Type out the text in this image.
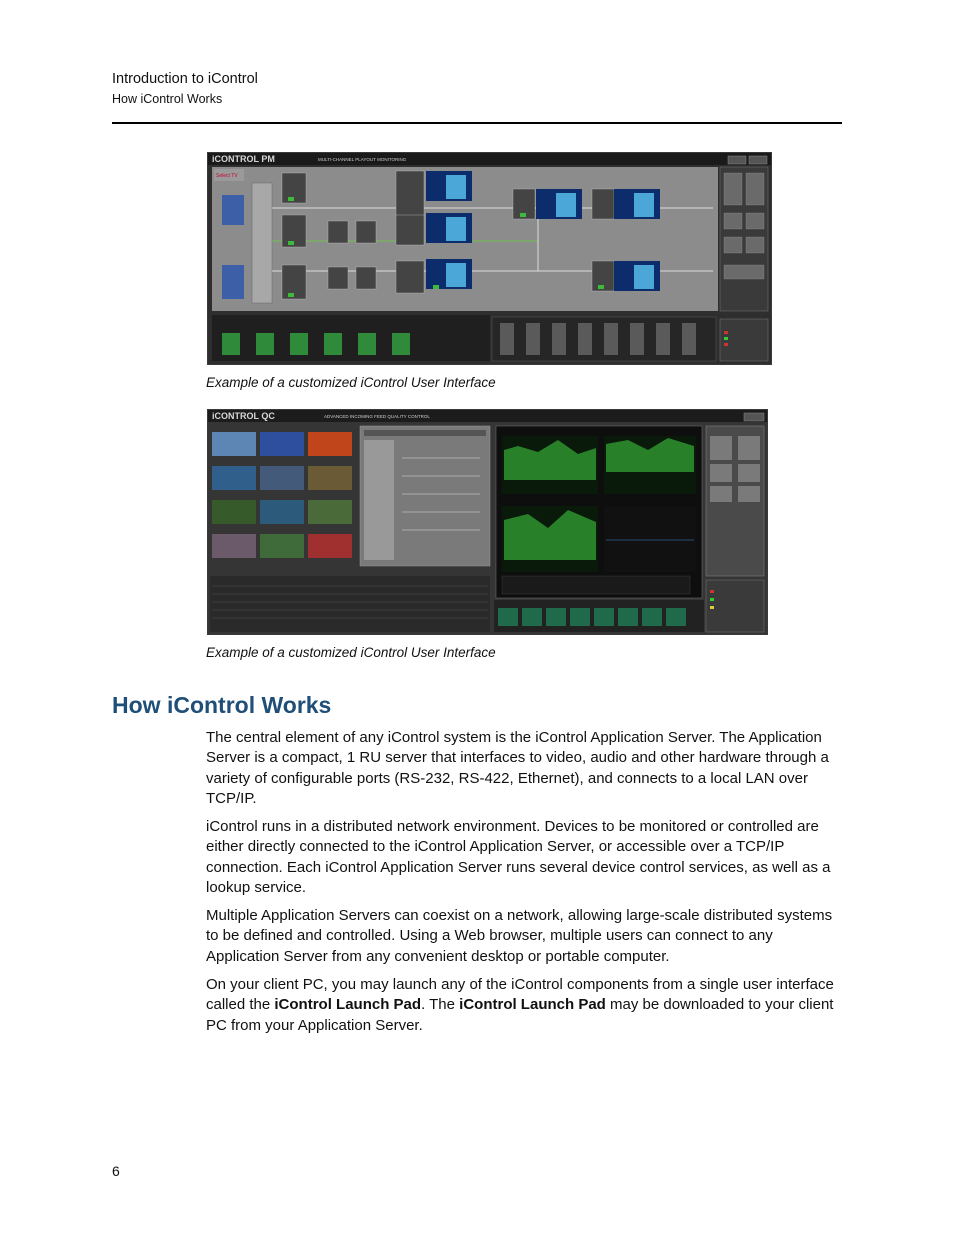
Introduction to iControl
How iControl Works
iCONTROL PM	MULTI-CHANNEL PLAYOUT MONITORING
Select TV
Example of a customized iControl User Interface
iCONTROL QC	ADVANCED INCOMING FEED QUALITY CONTROL
Example of a customized iControl User Interface
How iControl Works

The central element of any iControl system is the iControl Application Server. The Application Server is a compact, 1 RU server that interfaces to video, audio and other hardware through a variety of configurable ports (RS-232, RS-422, Ethernet), and connects to a local LAN over TCP/IP.

iControl runs in a distributed network environment. Devices to be monitored or controlled are either directly connected to the iControl Application Server, or accessible over a TCP/IP connection. Each iControl Application Server runs several device control services, as well as a lookup service.

Multiple Application Servers can coexist on a network, allowing large-scale distributed systems to be defined and controlled. Using a Web browser, multiple users can connect to any Application Server from any convenient desktop or portable computer.

On your client PC, you may launch any of the iControl components from a single user interface called the iControl Launch Pad. The iControl Launch Pad may be downloaded to your client PC from your Application Server.

6
